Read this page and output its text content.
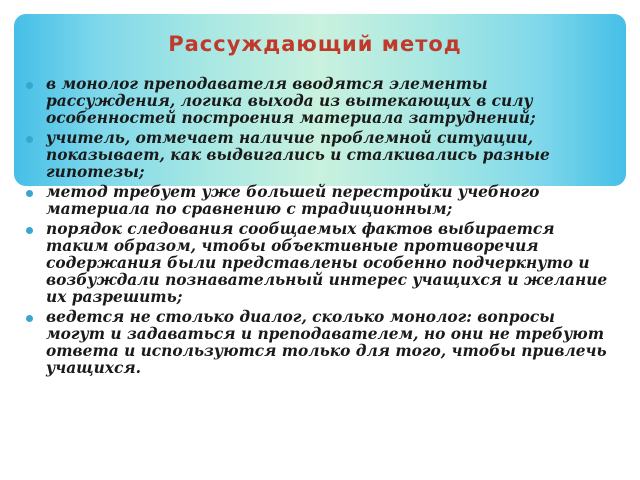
Рассуждающий метод
в монолог преподавателя вводятся элементы рассуждения, логика выхода из вытекающих в силу особенностей построения материала затруднений;
учитель, отмечает наличие проблемной ситуации, показывает, как выдвигались и сталкивались разные гипотезы;
метод требует уже большей перестройки учебного материала по сравнению с традиционным;
порядок следования сообщаемых фактов выбирается таким образом, чтобы объективные противоречия содержания были представлены особенно подчеркнуто и возбуждали познавательный интерес учащихся и желание их разрешить;
ведется не столько диалог, сколько монолог: вопросы могут и задаваться и преподавателем, но они не требуют ответа и используются только для того, чтобы привлечь учащихся.
